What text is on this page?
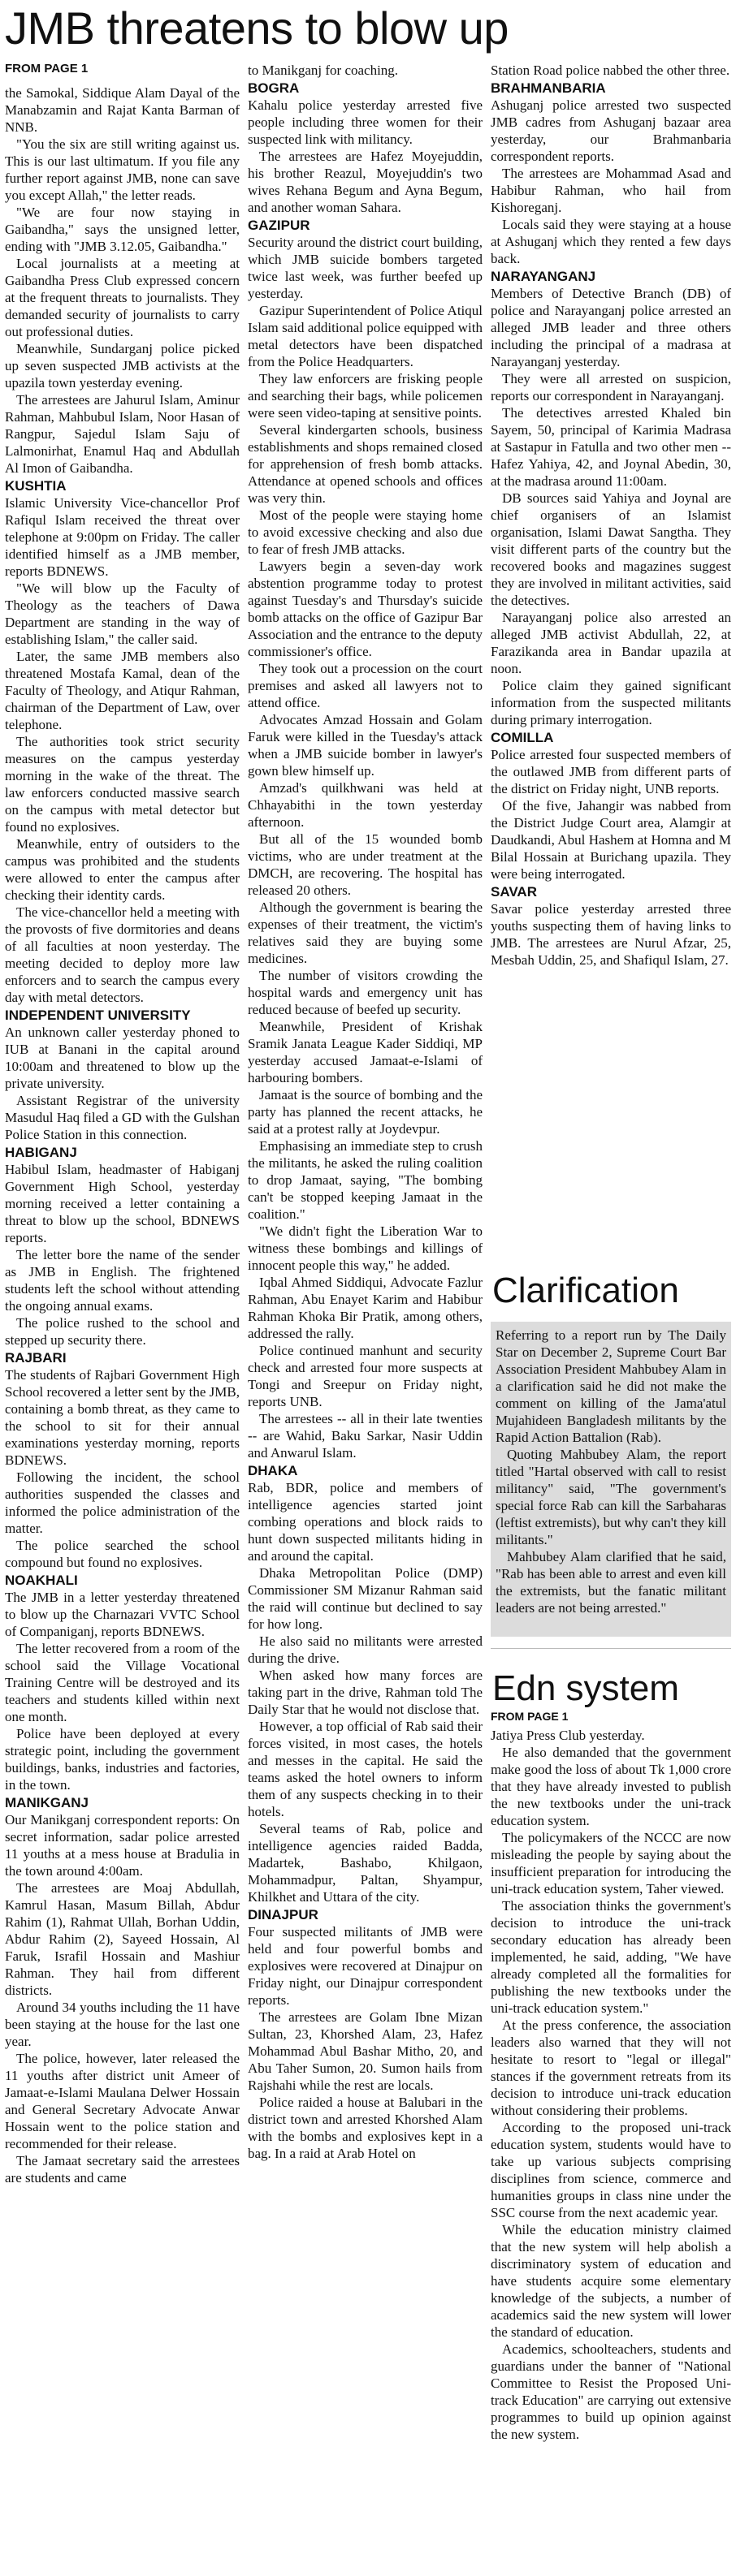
JMB threatens to blow up
FROM PAGE 1

the Samokal, Siddique Alam Dayal of the Manabzamin and Rajat Kanta Barman of NNB.

"You the six are still writing against us. This is our last ultimatum. If you file any further report against JMB, none can save you except Allah," the letter reads.

"We are four now staying in Gaibandha," says the unsigned letter, ending with "JMB 3.12.05, Gaibandha."

Local journalists at a meeting at Gaibandha Press Club expressed concern at the frequent threats to journalists. They demanded security of journalists to carry out professional duties.

Meanwhile, Sundarganj police picked up seven suspected JMB activists at the upazila town yesterday evening.

The arrestees are Jahurul Islam, Aminur Rahman, Mahbubul Islam, Noor Hasan of Rangpur, Sajedul Islam Saju of Lalmonirhat, Enamul Haq and Abdullah Al Imon of Gaibandha.

KUSHTIA

Islamic University Vice-chancellor Prof Rafiqul Islam received the threat over telephone at 9:00pm on Friday. The caller identified himself as a JMB member, reports BDNEWS.

"We will blow up the Faculty of Theology as the teachers of Dawa Department are standing in the way of establishing Islam," the caller said.

Later, the same JMB members also threatened Mostafa Kamal, dean of the Faculty of Theology, and Atiqur Rahman, chairman of the Department of Law, over telephone.

The authorities took strict security measures on the campus yesterday morning in the wake of the threat. The law enforcers conducted massive search on the campus with metal detector but found no explosives.

Meanwhile, entry of outsiders to the campus was prohibited and the students were allowed to enter the campus after checking their identity cards.

The vice-chancellor held a meeting with the provosts of five dormitories and deans of all faculties at noon yesterday. The meeting decided to deploy more law enforcers and to search the campus every day with metal detectors.

INDEPENDENT UNIVERSITY

An unknown caller yesterday phoned to IUB at Banani in the capital around 10:00am and threatened to blow up the private university.

Assistant Registrar of the university Masudul Haq filed a GD with the Gulshan Police Station in this connection.

HABIGANJ

Habibul Islam, headmaster of Habiganj Government High School, yesterday morning received a letter containing a threat to blow up the school, BDNEWS reports.

The letter bore the name of the sender as JMB in English. The frightened students left the school without attending the ongoing annual exams.

The police rushed to the school and stepped up security there.

RAJBARI

The students of Rajbari Government High School recovered a letter sent by the JMB, containing a bomb threat, as they came to the school to sit for their annual examinations yesterday morning, reports BDNEWS.

Following the incident, the school authorities suspended the classes and informed the police administration of the matter.

The police searched the school compound but found no explosives.

NOAKHALI

The JMB in a letter yesterday threatened to blow up the Charnazari VVTC School of Companiganj, reports BDNEWS.

The letter recovered from a room of the school said the Village Vocational Training Centre will be destroyed and its teachers and students killed within next one month.

Police have been deployed at every strategic point, including the government buildings, banks, industries and factories, in the town.

MANIKGANJ

Our Manikganj correspondent reports: On secret information, sadar police arrested 11 youths at a mess house at Bradulia in the town around 4:00am.

The arrestees are Moaj Abdullah, Kamrul Hasan, Masum Billah, Abdur Rahim (1), Rahmat Ullah, Borhan Uddin, Abdur Rahim (2), Sayeed Hossain, Al Faruk, Israfil Hossain and Mashiur Rahman. They hail from different districts.

Around 34 youths including the 11 have been staying at the house for the last one year.

The police, however, later released the 11 youths after district unit Ameer of Jamaat-e-Islami Maulana Delwer Hossain and General Secretary Advocate Anwar Hossain went to the police station and recommended for their release.

The Jamaat secretary said the arrestees are students and came

to Manikganj for coaching.

BOGRA

Kahalu police yesterday arrested five people including three women for their suspected link with militancy.

The arrestees are Hafez Moyejuddin, his brother Reazul, Moyejuddin's two wives Rehana Begum and Ayna Begum, and another woman Sahara.

GAZIPUR

Security around the district court building, which JMB suicide bombers targeted twice last week, was further beefed up yesterday.

Gazipur Superintendent of Police Atiqul Islam said additional police equipped with metal detectors have been dispatched from the Police Headquarters.

They law enforcers are frisking people and searching their bags, while policemen were seen video-taping at sensitive points.

Several kindergarten schools, business establishments and shops remained closed for apprehension of fresh bomb attacks. Attendance at opened schools and offices was very thin.

Most of the people were staying home to avoid excessive checking and also due to fear of fresh JMB attacks.

Lawyers begin a seven-day work abstention programme today to protest against Tuesday's and Thursday's suicide bomb attacks on the office of Gazipur Bar Association and the entrance to the deputy commissioner's office.

They took out a procession on the court premises and asked all lawyers not to attend office.

Advocates Amzad Hossain and Golam Faruk were killed in the Tuesday's attack when a JMB suicide bomber in lawyer's gown blew himself up.

Amzad's quilkhwani was held at Chhayabithi in the town yesterday afternoon.

But all of the 15 wounded bomb victims, who are under treatment at the DMCH, are recovering. The hospital has released 20 others.

Although the government is bearing the expenses of their treatment, the victim's relatives said they are buying some medicines.

The number of visitors crowding the hospital wards and emergency unit has reduced because of beefed up security.

Meanwhile, President of Krishak Sramik Janata League Kader Siddiqi, MP yesterday accused Jamaat-e-Islami of harbouring bombers.

Jamaat is the source of bombing and the party has planned the recent attacks, he said at a protest rally at Joydevpur.

Emphasising an immediate step to crush the militants, he asked the ruling coalition to drop Jamaat, saying, "The bombing can't be stopped keeping Jamaat in the coalition."

"We didn't fight the Liberation War to witness these bombings and killings of innocent people this way," he added.

Iqbal Ahmed Siddiqui, Advocate Fazlur Rahman, Abu Enayet Karim and Habibur Rahman Khoka Bir Pratik, among others, addressed the rally.

Police continued manhunt and security check and arrested four more suspects at Tongi and Sreepur on Friday night, reports UNB.

The arrestees -- all in their late twenties -- are Wahid, Baku Sarkar, Nasir Uddin and Anwarul Islam.

DHAKA

Rab, BDR, police and members of intelligence agencies started joint combing operations and block raids to hunt down suspected militants hiding in and around the capital.

Dhaka Metropolitan Police (DMP) Commissioner SM Mizanur Rahman said the raid will continue but declined to say for how long.

He also said no militants were arrested during the drive.

When asked how many forces are taking part in the drive, Rahman told The Daily Star that he would not disclose that.

However, a top official of Rab said their forces visited, in most cases, the hotels and messes in the capital. He said the teams asked the hotel owners to inform them of any suspects checking in to their hotels.

Several teams of Rab, police and intelligence agencies raided Badda, Madartek, Bashabo, Khilgaon, Mohammadpur, Paltan, Shyampur, Khilkhet and Uttara of the city.

DINAJPUR

Four suspected militants of JMB were held and four powerful bombs and explosives were recovered at Dinajpur on Friday night, our Dinajpur correspondent reports.

The arrestees are Golam Ibne Mizan Sultan, 23, Khorshed Alam, 23, Hafez Mohammad Abul Bashar Mitho, 20, and Abu Taher Sumon, 20. Sumon hails from Rajshahi while the rest are locals.

Police raided a house at Balubari in the district town and arrested Khorshed Alam with the bombs and explosives kept in a bag. In a raid at Arab Hotel on

Station Road police nabbed the other three.

BRAHMANBARIA

Ashuganj police arrested two suspected JMB cadres from Ashuganj bazaar area yesterday, our Brahmanbaria correspondent reports.

The arrestees are Mohammad Asad and Habibur Rahman, who hail from Kishoreganj.

Locals said they were staying at a house at Ashuganj which they rented a few days back.

NARAYANGANJ

Members of Detective Branch (DB) of police and Narayanganj police arrested an alleged JMB leader and three others including the principal of a madrasa at Narayanganj yesterday.

They were all arrested on suspicion, reports our correspondent in Narayanganj.

The detectives arrested Khaled bin Sayem, 50, principal of Karimia Madrasa at Sastapur in Fatulla and two other men -- Hafez Yahiya, 42, and Joynal Abedin, 30, at the madrasa around 11:00am.

DB sources said Yahiya and Joynal are chief organisers of an Islamist organisation, Islami Dawat Sangtha. They visit different parts of the country but the recovered books and magazines suggest they are involved in militant activities, said the detectives.

Narayanganj police also arrested an alleged JMB activist Abdullah, 22, at Farazikanda area in Bandar upazila at noon.

Police claim they gained significant information from the suspected militants during primary interrogation.

COMILLA

Police arrested four suspected members of the outlawed JMB from different parts of the district on Friday night, UNB reports.

Of the five, Jahangir was nabbed from the District Judge Court area, Alamgir at Daudkandi, Abul Hashem at Homna and M Bilal Hossain at Burichang upazila. They were being interrogated.

SAVAR

Savar police yesterday arrested three youths suspecting them of having links to JMB. The arrestees are Nurul Afzar, 25, Mesbah Uddin, 25, and Shafiqul Islam, 27.

Clarification

Referring to a report run by The Daily Star on December 2, Supreme Court Bar Association President Mahbubey Alam in a clarification said he did not make the comment on killing of the Jama'atul Mujahideen Bangladesh militants by the Rapid Action Battalion (Rab).

Quoting Mahbubey Alam, the report titled "Hartal observed with call to resist militancy" said, "The government's special force Rab can kill the Sarbaharas (leftist extremists), but why can't they kill militants."

Mahbubey Alam clarified that he said, "Rab has been able to arrest and even kill the extremists, but the fanatic militant leaders are not being arrested."

Edn system
FROM PAGE 1

Jatiya Press Club yesterday.

He also demanded that the government make good the loss of about Tk 1,000 crore that they have already invested to publish the new textbooks under the uni-track education system.

The policymakers of the NCCC are now misleading the people by saying about the insufficient preparation for introducing the uni-track education system, Taher viewed.

The association thinks the government's decision to introduce the uni-track secondary education has already been implemented, he said, adding, "We have already completed all the formalities for publishing the new textbooks under the uni-track education system."

At the press conference, the association leaders also warned that they will not hesitate to resort to "legal or illegal" stances if the government retreats from its decision to introduce uni-track education without considering their problems.

According to the proposed uni-track education system, students would have to take up various subjects comprising disciplines from science, commerce and humanities groups in class nine under the SSC course from the next academic year.

While the education ministry claimed that the new system will help abolish a discriminatory system of education and have students acquire some elementary knowledge of the subjects, a number of academics said the new system will lower the standard of education.

Academics, schoolteachers, students and guardians under the banner of "National Committee to Resist the Proposed Uni-track Education" are carrying out extensive programmes to build up opinion against the new system.
